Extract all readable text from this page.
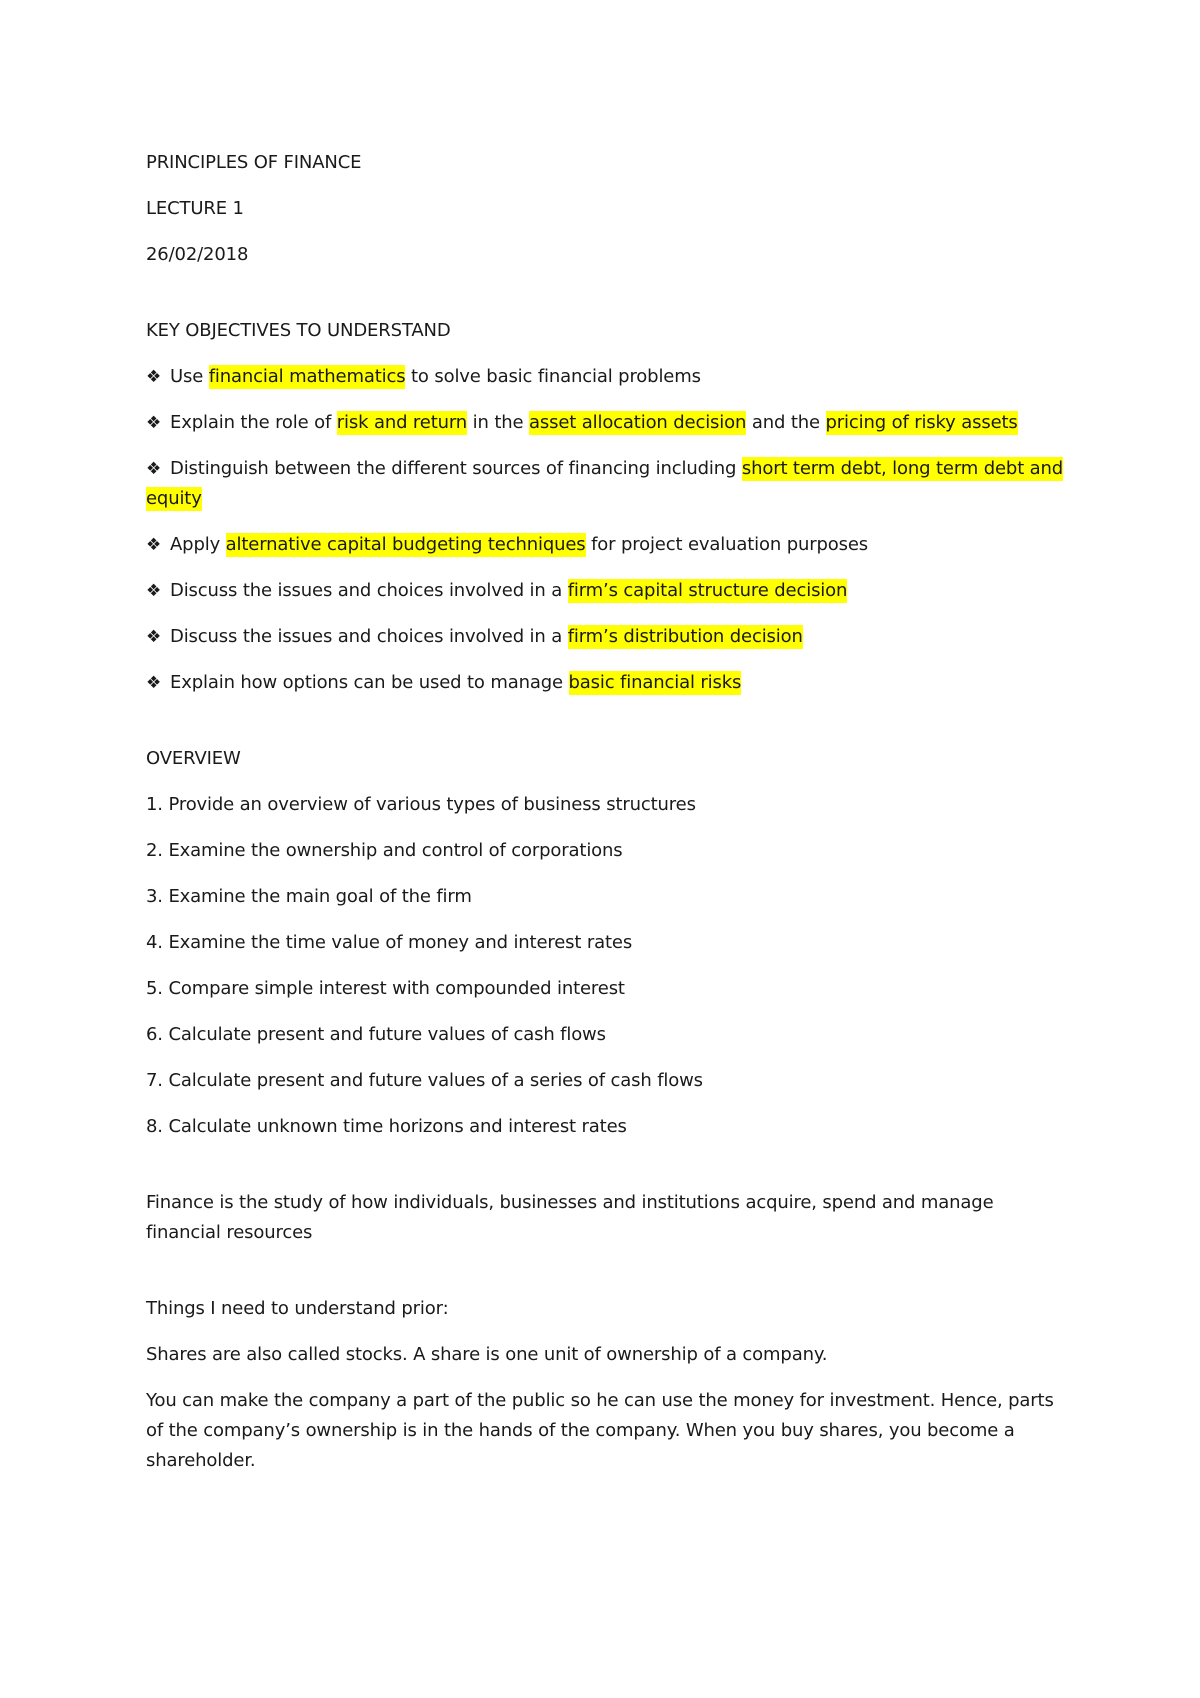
PRINCIPLES OF FINANCE

LECTURE 1

26/02/2018

KEY OBJECTIVES TO UNDERSTAND

❖ Use financial mathematics to solve basic financial problems

❖ Explain the role of risk and return in the asset allocation decision and the pricing of risky assets

❖ Distinguish between the different sources of financing including short term debt, long term debt and equity

❖ Apply alternative capital budgeting techniques for project evaluation purposes

❖ Discuss the issues and choices involved in a firm’s capital structure decision

❖ Discuss the issues and choices involved in a firm’s distribution decision

❖ Explain how options can be used to manage basic financial risks

OVERVIEW

1. Provide an overview of various types of business structures

2. Examine the ownership and control of corporations

3. Examine the main goal of the firm

4. Examine the time value of money and interest rates

5. Compare simple interest with compounded interest

6. Calculate present and future values of cash flows

7. Calculate present and future values of a series of cash flows

8. Calculate unknown time horizons and interest rates

Finance is the study of how individuals, businesses and institutions acquire, spend and manage financial resources

Things I need to understand prior:

Shares are also called stocks. A share is one unit of ownership of a company.

You can make the company a part of the public so he can use the money for investment. Hence, parts of the company’s ownership is in the hands of the company. When you buy shares, you become a shareholder.
